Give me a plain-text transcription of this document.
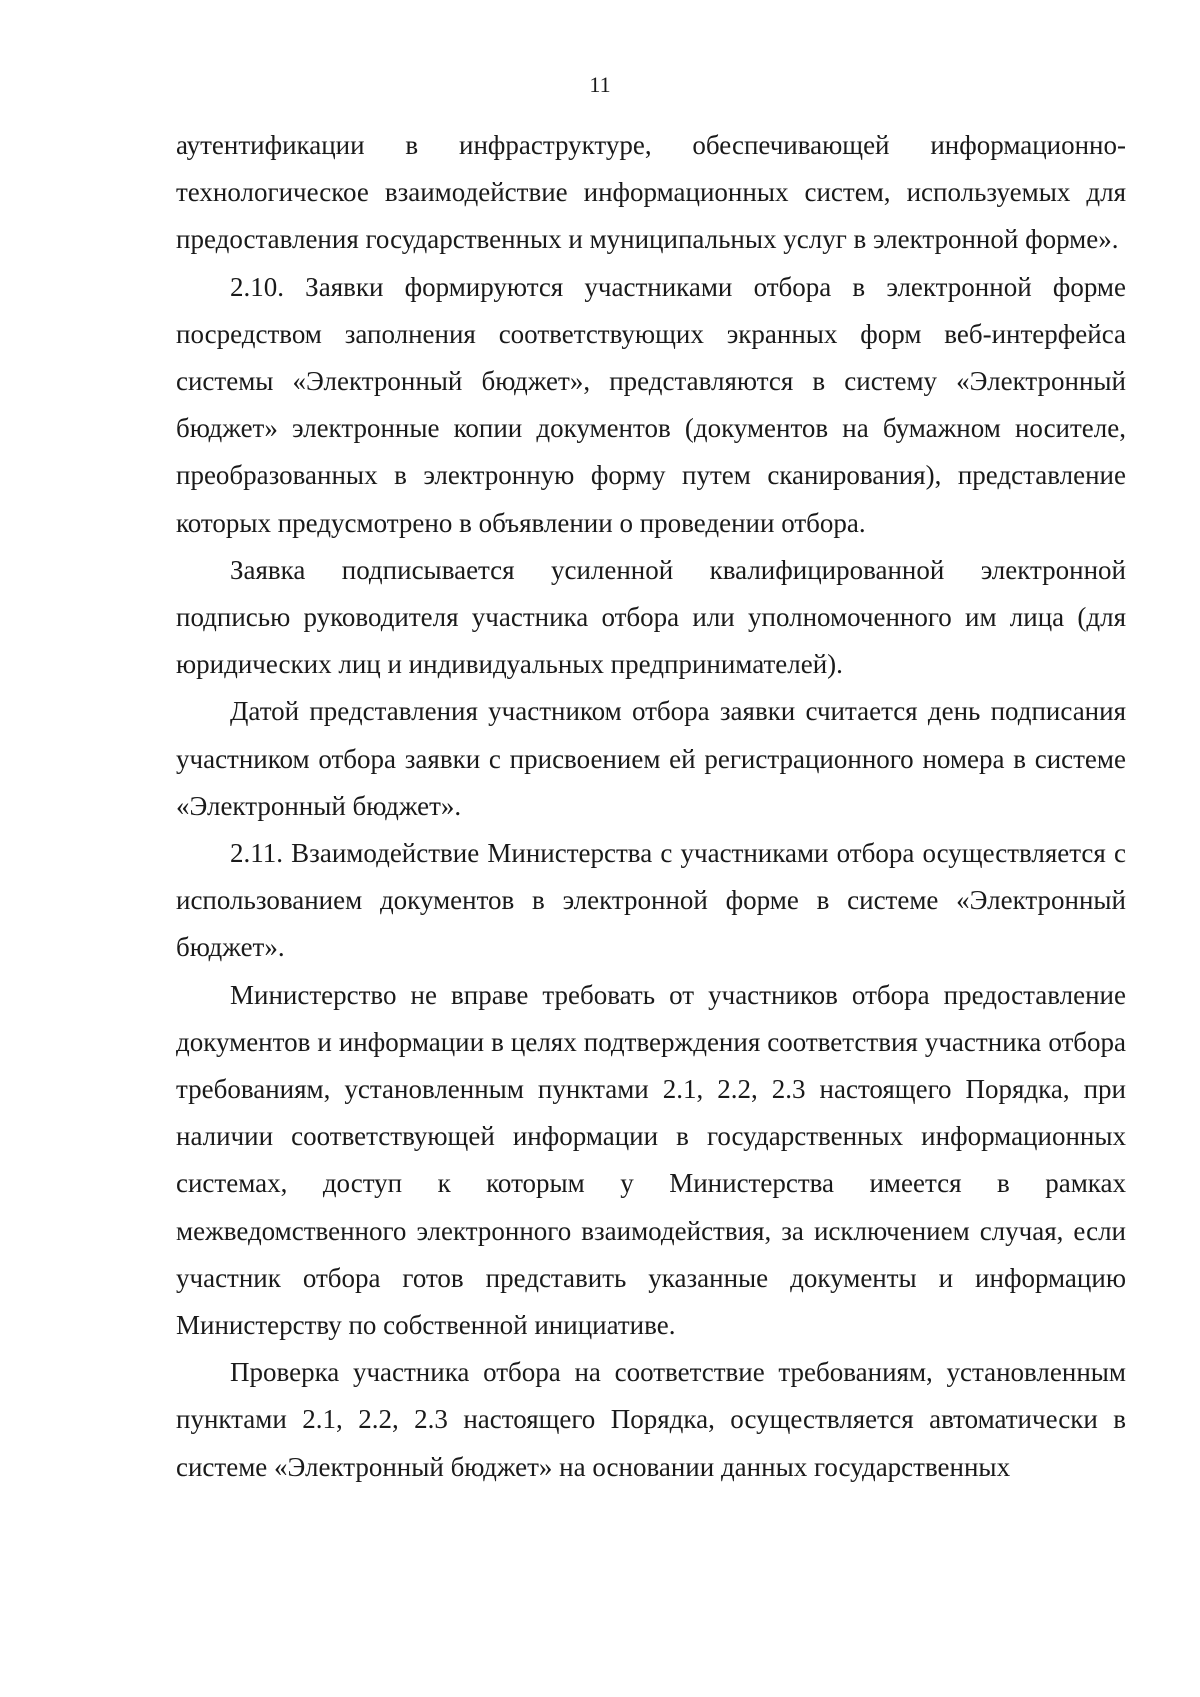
11

аутентификации в инфраструктуре, обеспечивающей информационно-технологическое взаимодействие информационных систем, используемых для предоставления государственных и муниципальных услуг в электронной форме».

2.10. Заявки формируются участниками отбора в электронной форме посредством заполнения соответствующих экранных форм веб-интерфейса системы «Электронный бюджет», представляются в систему «Электронный бюджет» электронные копии документов (документов на бумажном носителе, преобразованных в электронную форму путем сканирования), представление которых предусмотрено в объявлении о проведении отбора.

Заявка подписывается усиленной квалифицированной электронной подписью руководителя участника отбора или уполномоченного им лица (для юридических лиц и индивидуальных предпринимателей).

Датой представления участником отбора заявки считается день подписания участником отбора заявки с присвоением ей регистрационного номера в системе «Электронный бюджет».

2.11. Взаимодействие Министерства с участниками отбора осуществляется с использованием документов в электронной форме в системе «Электронный бюджет».

Министерство не вправе требовать от участников отбора предоставление документов и информации в целях подтверждения соответствия участника отбора требованиям, установленным пунктами 2.1, 2.2, 2.3 настоящего Порядка, при наличии соответствующей информации в государственных информационных системах, доступ к которым у Министерства имеется в рамках межведомственного электронного взаимодействия, за исключением случая, если участник отбора готов представить указанные документы и информацию Министерству по собственной инициативе.

Проверка участника отбора на соответствие требованиям, установленным пунктами 2.1, 2.2, 2.3 настоящего Порядка, осуществляется автоматически в системе «Электронный бюджет» на основании данных государственных
